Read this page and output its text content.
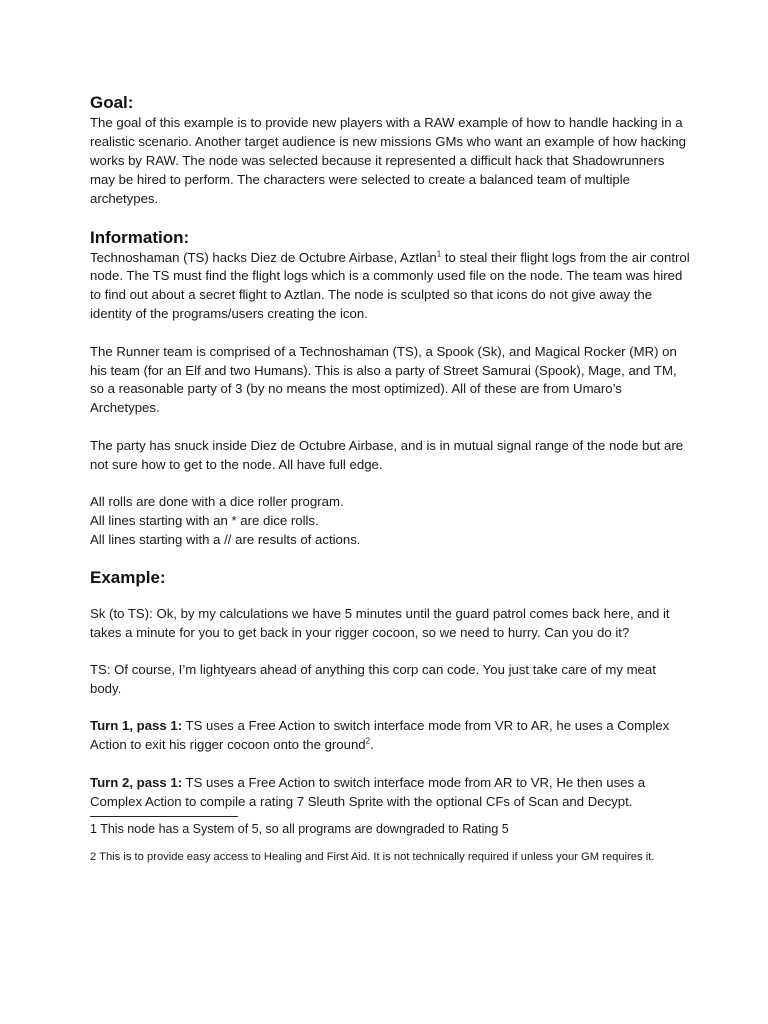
Goal:

The goal of this example is to provide new players with a RAW example of how to handle hacking in a realistic scenario. Another target audience is new missions GMs who want an example of how hacking works by RAW. The node was selected because it represented a difficult hack that Shadowrunners may be hired to perform. The characters were selected to create a balanced team of multiple archetypes.

Information:

Technoshaman (TS) hacks Diez de Octubre Airbase, Aztlan$^1$ to steal their flight logs from the air control node. The TS must find the flight logs which is a commonly used file on the node. The team was hired to find out about a secret flight to Aztlan. The node is sculpted so that icons do not give away the identity of the programs/users creating the icon.

The Runner team is comprised of a Technoshaman (TS), a Spook (Sk), and Magical Rocker (MR) on his team (for an Elf and two Humans). This is also a party of Street Samurai (Spook), Mage, and TM, so a reasonable party of 3 (by no means the most optimized). All of these are from Umaro’s Archetypes.

The party has snuck inside Diez de Octubre Airbase, and is in mutual signal range of the node but are not sure how to get to the node. All have full edge.

All rolls are done with a dice roller program.

All lines starting with an * are dice rolls.

All lines starting with a // are results of actions.

Example:

Sk (to TS): Ok, by my calculations we have 5 minutes until the guard patrol comes back here, and it takes a minute for you to get back in your rigger cocoon, so we need to hurry. Can you do it?

TS: Of course, I’m lightyears ahead of anything this corp can code. You just take care of my meat body.

Turn 1, pass 1: TS uses a Free Action to switch interface mode from VR to AR, he uses a Complex Action to exit his rigger cocoon onto the ground$^2$.

Turn 2, pass 1: TS uses a Free Action to switch interface mode from AR to VR, He then uses a Complex Action to compile a rating 7 Sleuth Sprite with the optional CFs of Scan and Decypt.

1 This node has a System of 5, so all programs are downgraded to Rating 5

2 This is to provide easy access to Healing and First Aid. It is not technically required if unless your GM requires it.
